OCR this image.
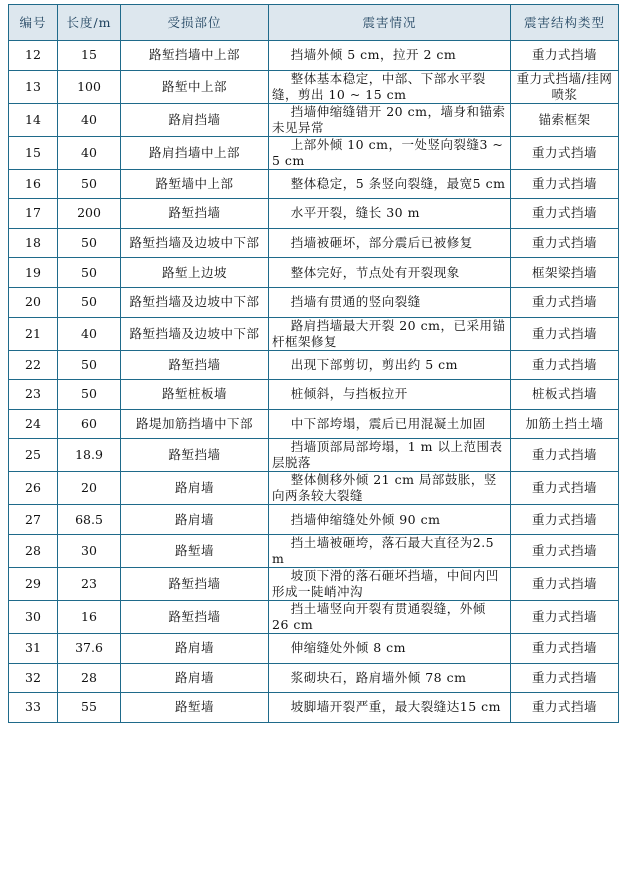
编号	长度/m	受损部位	震害情况	震害结构类型
12	15	路堑挡墙中上部	挡墙外倾 5 cm，拉开 2 cm	重力式挡墙
13	100	路堑中上部	整体基本稳定，中部、下部水平裂缝，剪出 10 ~ 15 cm	重力式挡墙/挂网喷浆
14	40	路肩挡墙	挡墙伸缩缝错开 20 cm，墙身和锚索未见异常	锚索框架
15	40	路肩挡墙中上部	上部外倾 10 cm，一处竖向裂缝3 ~ 5 cm	重力式挡墙
16	50	路堑墙中上部	整体稳定，5 条竖向裂缝，最宽5 cm	重力式挡墙
17	200	路堑挡墙	水平开裂，缝长 30 m	重力式挡墙
18	50	路堑挡墙及边坡中下部	挡墙被砸坏，部分震后已被修复	重力式挡墙
19	50	路堑上边坡	整体完好，节点处有开裂现象	框架梁挡墙
20	50	路堑挡墙及边坡中下部	挡墙有贯通的竖向裂缝	重力式挡墙
21	40	路堑挡墙及边坡中下部	路肩挡墙最大开裂 20 cm，已采用锚杆框架修复	重力式挡墙
22	50	路堑挡墙	出现下部剪切，剪出约 5 cm	重力式挡墙
23	50	路堑桩板墙	桩倾斜，与挡板拉开	桩板式挡墙
24	60	路堤加筋挡墙中下部	中下部垮塌，震后已用混凝土加固	加筋土挡土墙
25	18.9	路堑挡墙	挡墙顶部局部垮塌，1 m 以上范围表层脱落	重力式挡墙
26	20	路肩墙	整体侧移外倾 21 cm 局部鼓胀，竖向两条较大裂缝	重力式挡墙
27	68.5	路肩墙	挡墙伸缩缝处外倾 90 cm	重力式挡墙
28	30	路堑墙	挡土墙被砸垮，落石最大直径为2.5 m	重力式挡墙
29	23	路堑挡墙	坡顶下滑的落石砸坏挡墙，中间内凹形成一陡峭冲沟	重力式挡墙
30	16	路堑挡墙	挡土墙竖向开裂有贯通裂缝，外倾 26 cm	重力式挡墙
31	37.6	路肩墙	伸缩缝处外倾 8 cm	重力式挡墙
32	28	路肩墙	浆砌块石，路肩墙外倾 78 cm	重力式挡墙
33	55	路堑墙	坡脚墙开裂严重，最大裂缝达15 cm	重力式挡墙
